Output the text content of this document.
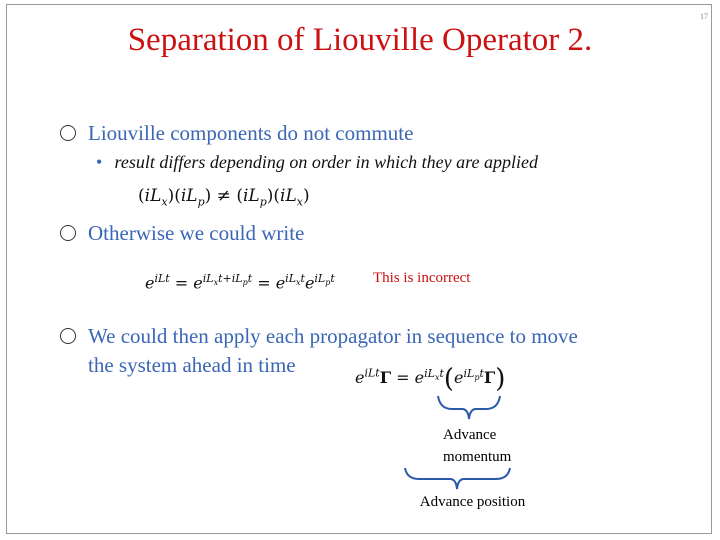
17
Separation of Liouville Operator 2.
Liouville components do not commute
• result differs depending on order in which they are applied
$(iL_x)(iL_p) \ne (iL_p)(iL_x)$
Otherwise we could write
$e^{iLt} = e^{iL_xt+iL_pt} = e^{iL_xt}e^{iL_pt}$	This is incorrect
We could then apply each propagator in sequence to move
the system ahead in time
$e^{iLt}\Gamma = e^{iL_xt}(e^{iL_pt}\Gamma)$
Advance
momentum
Advance position
